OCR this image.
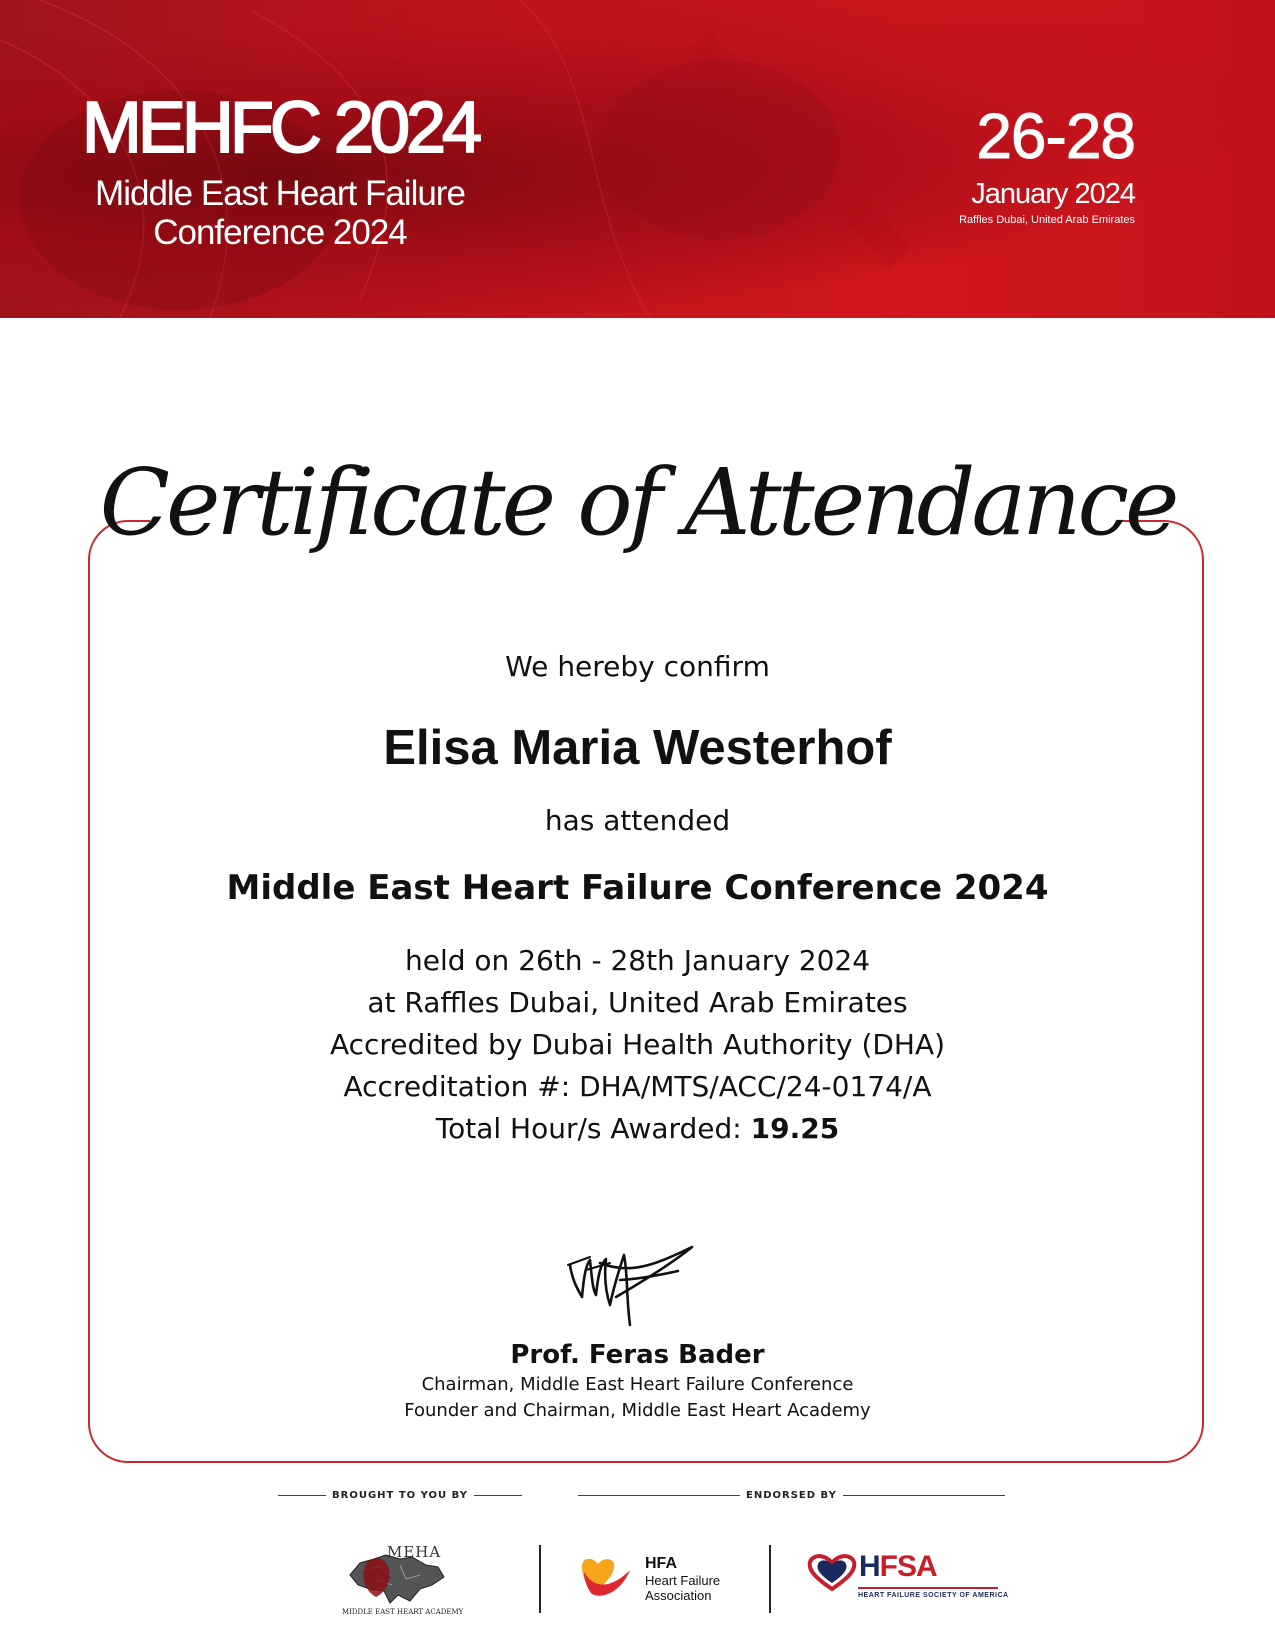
MEHFC 2024
Middle East Heart Failure
Conference 2024
26-28
January 2024
Raffles Dubai, United Arab Emirates
Certificate of Attendance
We hereby confirm
Elisa Maria Westerhof
has attended
Middle East Heart Failure Conference 2024
held on 26th - 28th January 2024
at Raffles Dubai, United Arab Emirates
Accredited by Dubai Health Authority (DHA)
Accreditation #: DHA/MTS/ACC/24-0174/A
Total Hour/s Awarded: 19.25
Prof. Feras Bader
Chairman, Middle East Heart Failure Conference
Founder and Chairman, Middle East Heart Academy
BROUGHT TO YOU BY	ENDORSED BY
MEHA
MIDDLE EAST HEART ACADEMY
HFA
Heart Failure
Association
HFSA
HEART FAILURE SOCIETY OF AMERICA
